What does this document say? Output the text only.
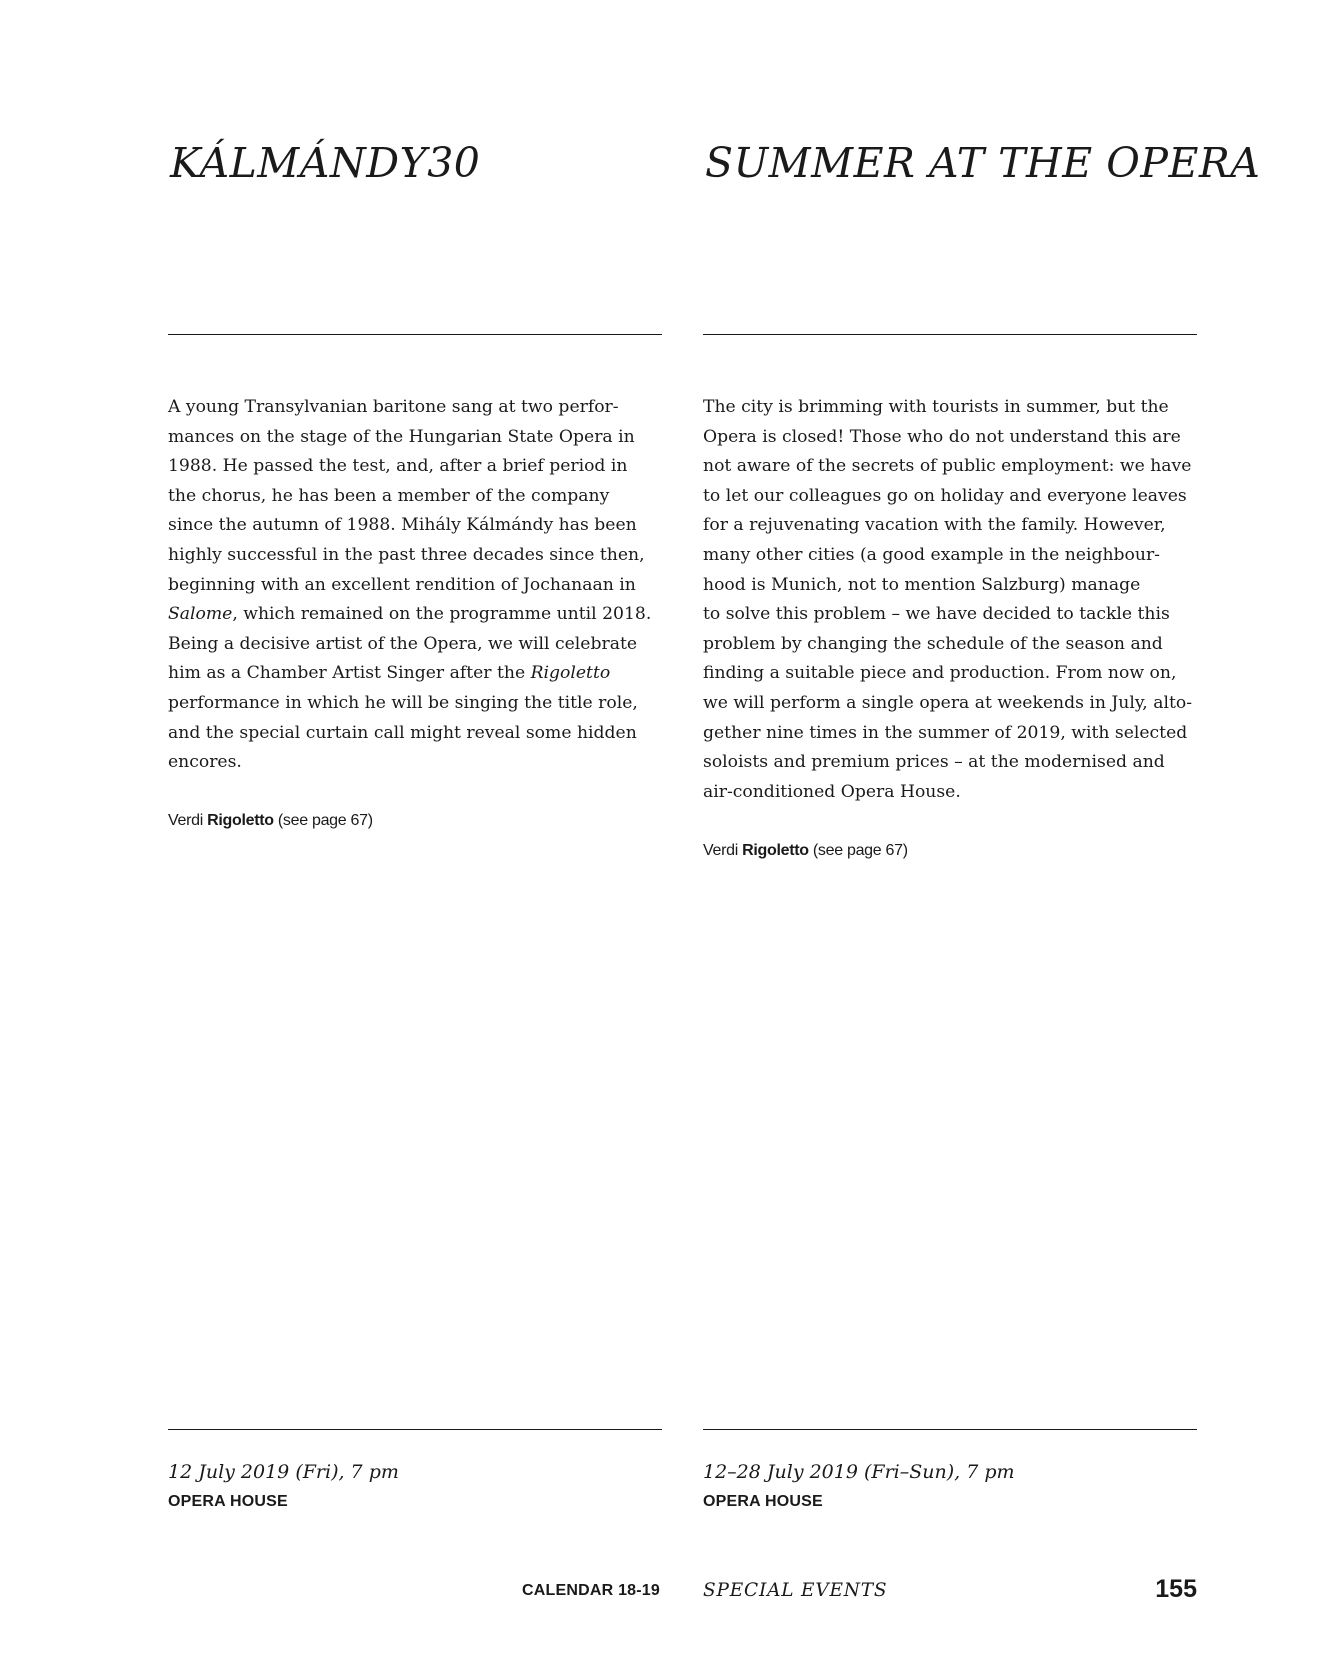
KÁLMÁNDY30

A young Transylvanian baritone sang at two perfor-
mances on the stage of the Hungarian State Opera in
1988. He passed the test, and, after a brief period in
the chorus, he has been a member of the company
since the autumn of 1988. Mihály Kálmándy has been
highly successful in the past three decades since then,
beginning with an excellent rendition of Jochanaan in
Salome, which remained on the programme until 2018.
Being a decisive artist of the Opera, we will celebrate
him as a Chamber Artist Singer after the Rigoletto
performance in which he will be singing the title role,
and the special curtain call might reveal some hidden
encores.

Verdi Rigoletto (see page 67)

12 July 2019 (Fri), 7 pm

OPERA HOUSE

SUMMER AT THE OPERA

The city is brimming with tourists in summer, but the
Opera is closed! Those who do not understand this are
not aware of the secrets of public employment: we have
to let our colleagues go on holiday and everyone leaves
for a rejuvenating vacation with the family. However,
many other cities (a good example in the neighbour-
hood is Munich, not to mention Salzburg) manage
to solve this problem – we have decided to tackle this
problem by changing the schedule of the season and
finding a suitable piece and production. From now on,
we will perform a single opera at weekends in July, alto-
gether nine times in the summer of 2019, with selected
soloists and premium prices – at the modernised and
air-conditioned Opera House.

Verdi Rigoletto (see page 67)

12–28 July 2019 (Fri–Sun), 7 pm

OPERA HOUSE

CALENDAR 18-19 SPECIAL EVENTS	155
